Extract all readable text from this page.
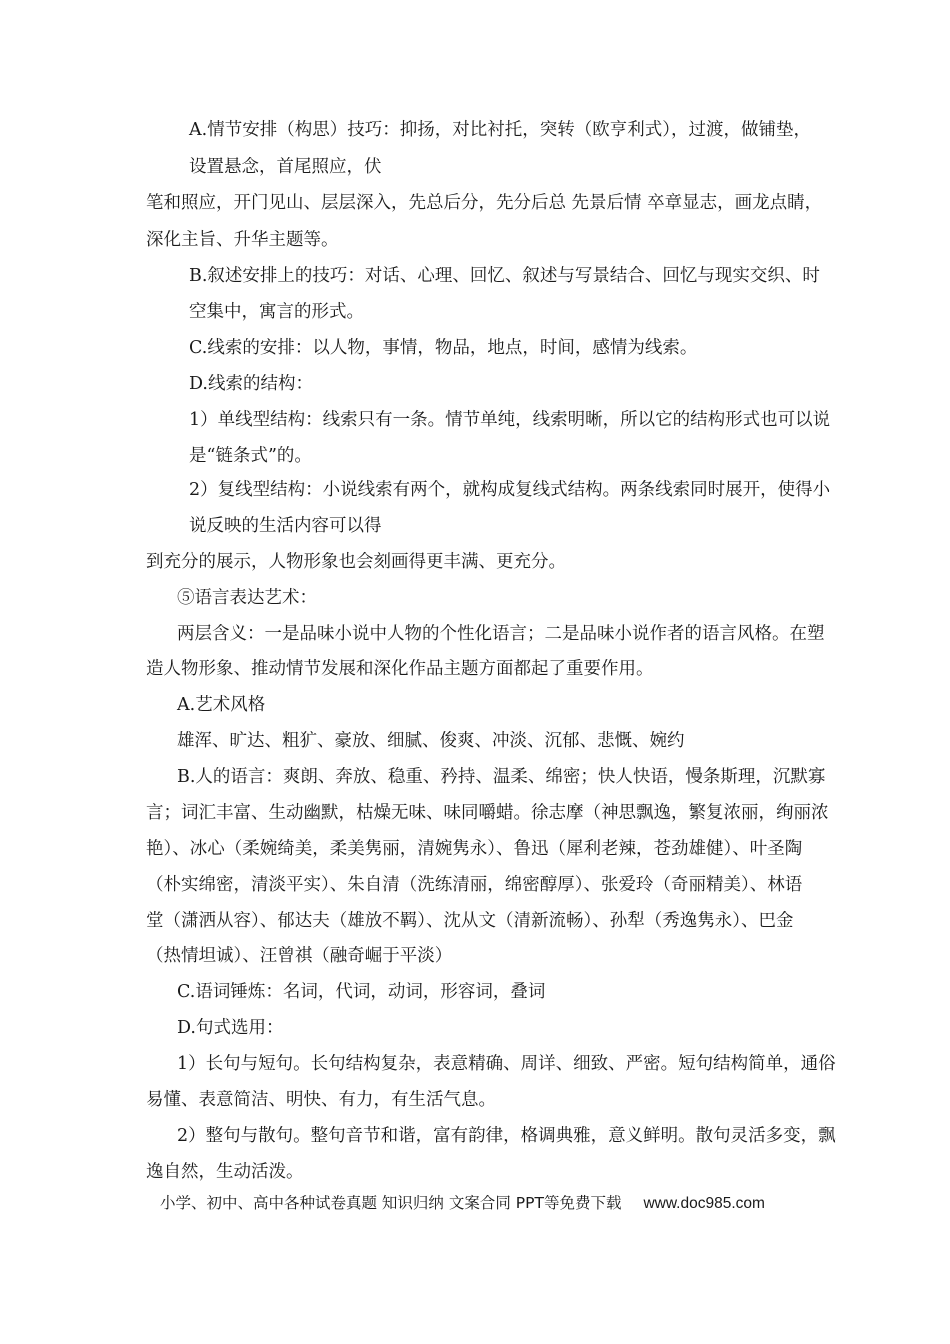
A.情节安排（构思）技巧：抑扬，对比衬托，突转（欧亨利式），过渡，做铺垫，
设置悬念，首尾照应，伏
笔和照应，开门见山、层层深入，先总后分，先分后总 先景后情 卒章显志，画龙点睛，
深化主旨、升华主题等。
B.叙述安排上的技巧：对话、心理、回忆、叙述与写景结合、回忆与现实交织、时
空集中，寓言的形式。
C.线索的安排：以人物，事情，物品，地点，时间，感情为线索。
D.线索的结构：
1）单线型结构：线索只有一条。情节单纯，线索明晰，所以它的结构形式也可以说
是“链条式”的。
2）复线型结构：小说线索有两个，就构成复线式结构。两条线索同时展开，使得小
说反映的生活内容可以得
到充分的展示，人物形象也会刻画得更丰满、更充分。
⑤语言表达艺术：
两层含义：一是品味小说中人物的个性化语言；二是品味小说作者的语言风格。在塑
造人物形象、推动情节发展和深化作品主题方面都起了重要作用。
A.艺术风格
雄浑、旷达、粗犷、豪放、细腻、俊爽、冲淡、沉郁、悲慨、婉约
B.人的语言：爽朗、奔放、稳重、矜持、温柔、绵密；快人快语，慢条斯理，沉默寡
言；词汇丰富、生动幽默，枯燥无味、味同嚼蜡。徐志摩（神思飘逸，繁复浓丽，绚丽浓
艳）、冰心（柔婉绮美，柔美隽丽，清婉隽永）、鲁迅（犀利老辣，苍劲雄健）、叶圣陶
（朴实绵密，清淡平实）、朱自清（洗练清丽，绵密醇厚）、张爱玲（奇丽精美）、林语
堂（潇洒从容）、郁达夫（雄放不羁）、沈从文（清新流畅）、孙犁（秀逸隽永）、巴金
（热情坦诚）、汪曾祺（融奇崛于平淡）
C.语词锤炼：名词，代词，动词，形容词，叠词
D.句式选用：
1）长句与短句。长句结构复杂，表意精确、周详、细致、严密。短句结构简单，通俗
易懂、表意简洁、明快、有力，有生活气息。
2）整句与散句。整句音节和谐，富有韵律，格调典雅，意义鲜明。散句灵活多变，飘
逸自然，生动活泼。
小学、初中、高中各种试卷真题 知识归纳 文案合同 PPT等免费下载 www.doc985.com
